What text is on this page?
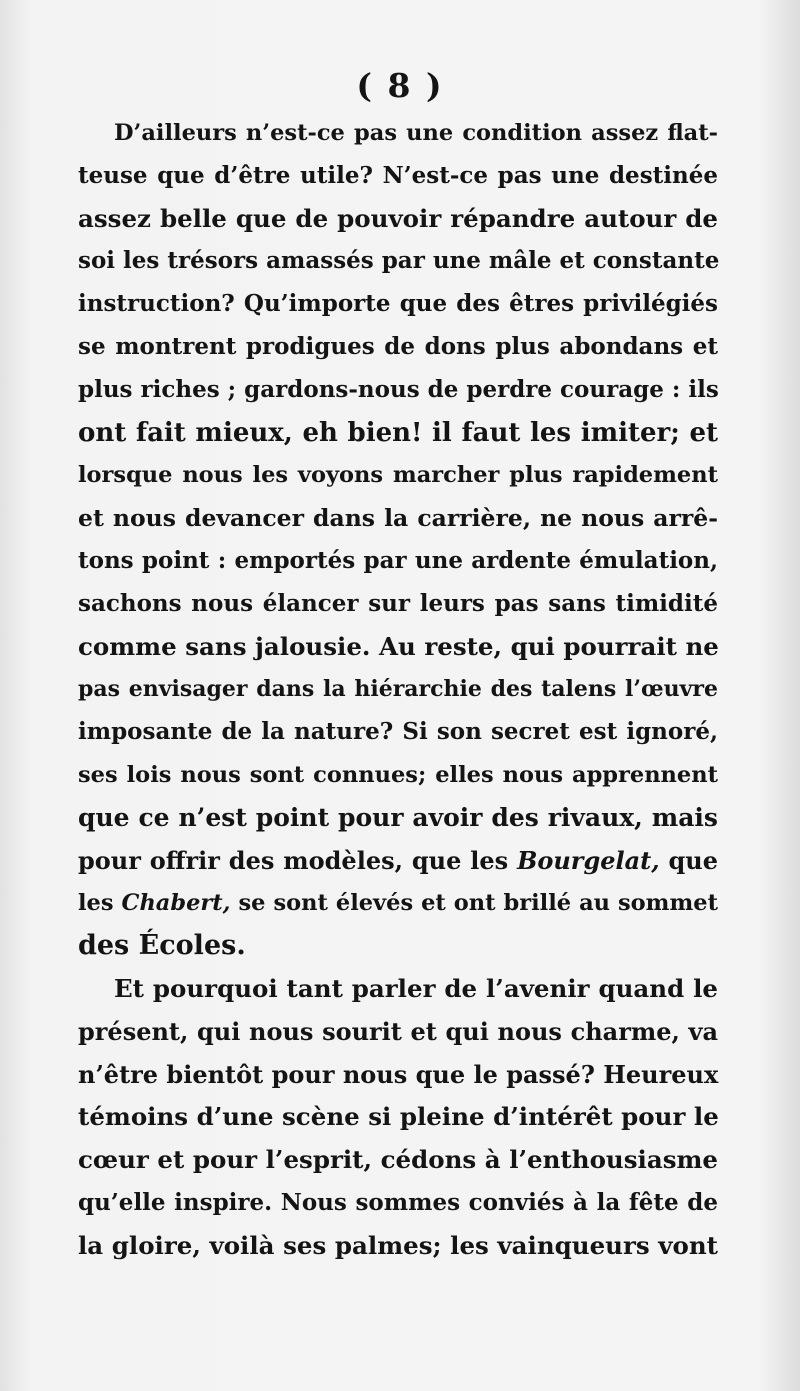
( 8 )
D’ailleurs n’est-ce pas une condition assez flat-
teuse que d’être utile? N’est-ce pas une destinée
assez belle que de pouvoir répandre autour de
soi les trésors amassés par une mâle et constante
instruction? Qu’importe que des êtres privilégiés
se montrent prodigues de dons plus abondans et
plus riches ; gardons-nous de perdre courage : ils
ont fait mieux, eh bien! il faut les imiter; et
lorsque nous les voyons marcher plus rapidement
et nous devancer dans la carrière, ne nous arrê-
tons point : emportés par une ardente émulation,
sachons nous élancer sur leurs pas sans timidité
comme sans jalousie. Au reste, qui pourrait ne
pas envisager dans la hiérarchie des talens l’œuvre
imposante de la nature? Si son secret est ignoré,
ses lois nous sont connues; elles nous apprennent
que ce n’est point pour avoir des rivaux, mais
pour offrir des modèles, que les Bourgelat, que
les Chabert, se sont élevés et ont brillé au sommet
des Écoles.
Et pourquoi tant parler de l’avenir quand le
présent, qui nous sourit et qui nous charme, va
n’être bientôt pour nous que le passé? Heureux
témoins d’une scène si pleine d’intérêt pour le
cœur et pour l’esprit, cédons à l’enthousiasme
qu’elle inspire. Nous sommes conviés à la fête de
la gloire, voilà ses palmes; les vainqueurs vont
